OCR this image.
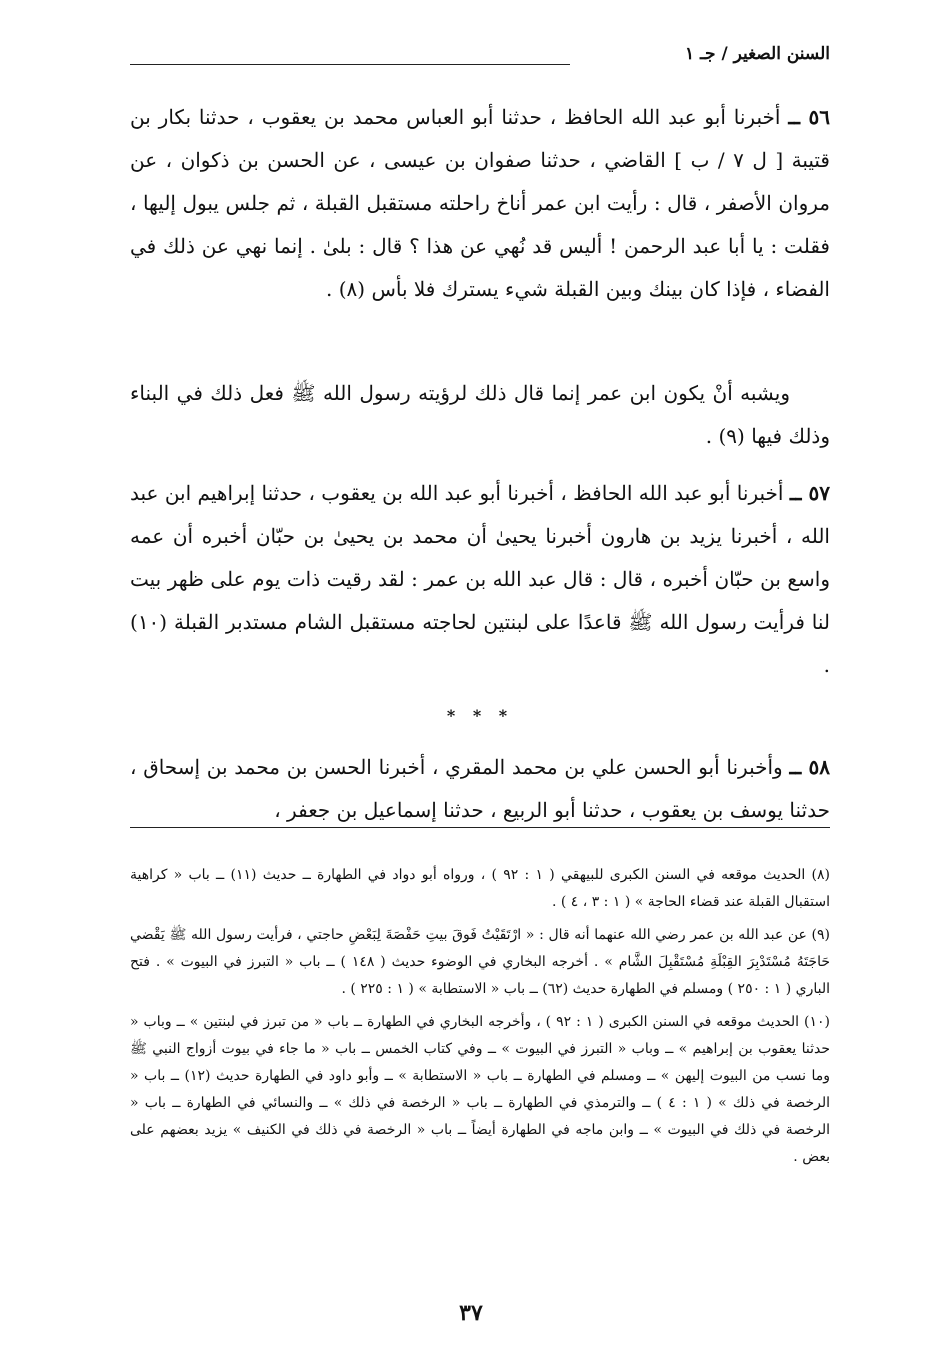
السنن الصغير / جـ ١

٥٦ ــ أخبرنا أبو عبد الله الحافظ ، حدثنا أبو العباس محمد بن يعقوب ، حدثنا بكار بن قتيبة [ ل ٧ / ب ] القاضي ، حدثنا صفوان بن عيسى ، عن الحسن بن ذكوان ، عن مروان الأصفر ، قال : رأيت ابن عمر أناخ راحلته مستقبل القبلة ، ثم جلس يبول إليها ، فقلت : يا أبا عبد الرحمن ! أليس قد نُهي عن هذا ؟ قال : بلىٰ . إنما نهي عن ذلك في الفضاء ، فإذا كان بينك وبين القبلة شيء يسترك فلا بأس (٨) .

ويشبه أنْ يكون ابن عمر إنما قال ذلك لرؤيته رسول الله ﷺ فعل ذلك في البناء وذلك فيها (٩) .

٥٧ ــ أخبرنا أبو عبد الله الحافظ ، أخبرنا أبو عبد الله بن يعقوب ، حدثنا إبراهيم ابن عبد الله ، أخبرنا يزيد بن هارون أخبرنا يحيىٰ أن محمد بن يحيىٰ بن حبّان أخبره أن عمه واسع بن حبّان أخبره ، قال : قال عبد الله بن عمر : لقد رقيت ذات يوم على ظهر بيت لنا فرأيت رسول الله ﷺ قاعدًا على لبنتين لحاجته مستقبل الشام مستدبر القبلة (١٠) .

* * *

٥٨ ــ وأخبرنا أبو الحسن علي بن محمد المقري ، أخبرنا الحسن بن محمد بن إسحاق ، حدثنا يوسف بن يعقوب ، حدثنا أبو الربيع ، حدثنا إسماعيل بن جعفر ،

(٨) الحديث موقعه في السنن الكبرى للبيهقي ( ١ : ٩٢ ) ، ورواه أبو دواد في الطهارة ــ حديث (١١) ــ باب « كراهية استقبال القبلة عند قضاء الحاجة » ( ١ : ٣ ، ٤ ) .

(٩) عن عبد الله بن عمر رضي الله عنهما أنه قال : « ارْتَقَيْتُ فَوقَ بيتِ حَفْصَةَ لِبَعْضِ حاجتي ، فرأيت رسول الله ﷺ يَقْضي حَاجَتَهُ مُسْتَدْبِرَ القِبْلَةِ مُسْتَقْبِلَ الشَّام » . أخرجه البخاري في الوضوء حديث ( ١٤٨ ) ــ باب « التبرز في البيوت » . فتح الباري ( ١ : ٢٥٠ ) ومسلم في الطهارة حديث (٦٢) ــ باب « الاستطابة » ( ١ : ٢٢٥ ) .

(١٠) الحديث موقعه في السنن الكبرى ( ١ : ٩٢ ) ، وأخرجه البخاري في الطهارة ــ باب « من تبرز في لبنتين » ــ وباب « حدثنا يعقوب بن إبراهيم » ــ وباب « التبرز في البيوت » ــ وفي كتاب الخمس ــ باب « ما جاء في بيوت أزواج النبي ﷺ وما نسب من البيوت إليهن » ــ ومسلم في الطهارة ــ باب « الاستطابة » ــ وأبو داود في الطهارة حديث (١٢) ــ باب « الرخصة في ذلك » ( ١ : ٤ ) ــ والترمذي في الطهارة ــ باب « الرخصة في ذلك » ــ والنسائي في الطهارة ــ باب « الرخصة في ذلك في البيوت » ــ وابن ماجه في الطهارة أيضاً ــ باب « الرخصة في ذلك في الكنيف » يزيد بعضهم على بعض .

٣٧
